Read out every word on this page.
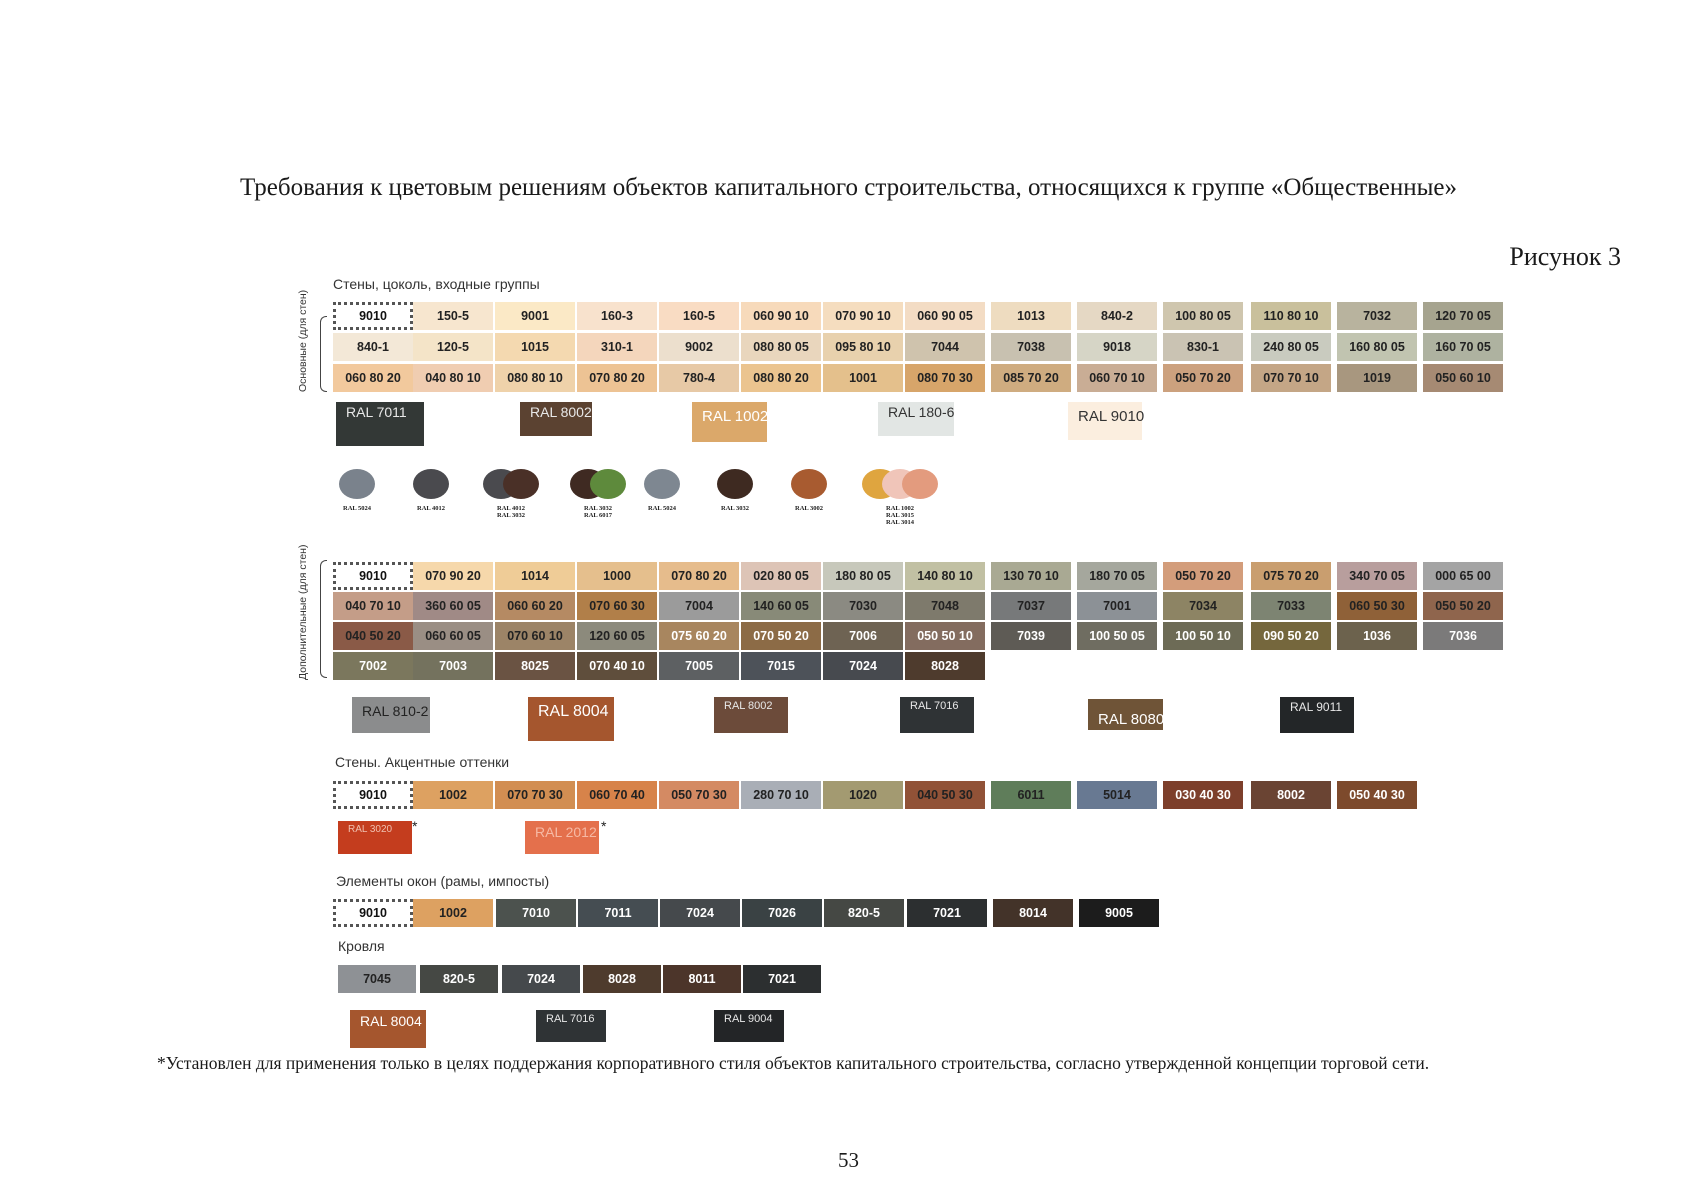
Требования к цветовым решениям объектов капитального строительства, относящихся к группе «Общественные»
Рисунок 3
Стены, цоколь, входные группы
Основные (для стен)	9010	150-5	9001	160-3	160-5	060 90 10	070 90 10	060 90 05	1013	840-2	100 80 05	110 80 10	7032	120 70 05
840-1	120-5	1015	310-1	9002	080 80 05	095 80 10	7044	7038	9018	830-1	240 80 05	160 80 05	160 70 05
060 80 20	040 80 10	080 80 10	070 80 20	780-4	080 80 20	1001	080 70 30	085 70 20	060 70 10	050 70 20	070 70 10	1019	050 60 10
RAL 7011	RAL 8002	RAL 1002	RAL 180-6	RAL 9010
RAL 5024	RAL 4012	RAL 4012
RAL 3032
RAL 3032
RAL 6017
RAL 5024	RAL 3032	RAL 3002	RAL 1002
RAL 3015
RAL 3014
Дополнительные (для стен)	9010	070 90 20	1014	1000	070 80 20	020 80 05	180 80 05	140 80 10	130 70 10	180 70 05	050 70 20	075 70 20	340 70 05	000 65 00
040 70 10	360 60 05	060 60 20	070 60 30	7004	140 60 05	7030	7048	7037	7001	7034	7033	060 50 30	050 50 20
040 50 20	060 60 05	070 60 10	120 60 05	075 60 20	070 50 20	7006	050 50 10	7039	100 50 05	100 50 10	090 50 20	1036	7036
7002	7003	8025	070 40 10	7005	7015	7024	8028
RAL 810-2	RAL 8004	RAL 8002	RAL 7016
RAL 8080
RAL 9011
Стены. Акцентные оттенки
9010	1002	070 70 30	060 70 40	050 70 30	280 70 10	1020	040 50 30	6011	5014	030 40 30	8002	050 40 30
RAL 3020	RAL 2012
*	*
Элементы окон (рамы, импосты)
9010	1002	7010	7011	7024	7026	820-5	7021	8014	9005
Кровля
7045	820-5	7024	8028	8011	7021
RAL 8004	RAL 7016	RAL 9004
*Установлен для применения только в целях поддержания корпоративного стиля объектов капитального строительства, согласно утвержденной концепции торговой сети.
53
